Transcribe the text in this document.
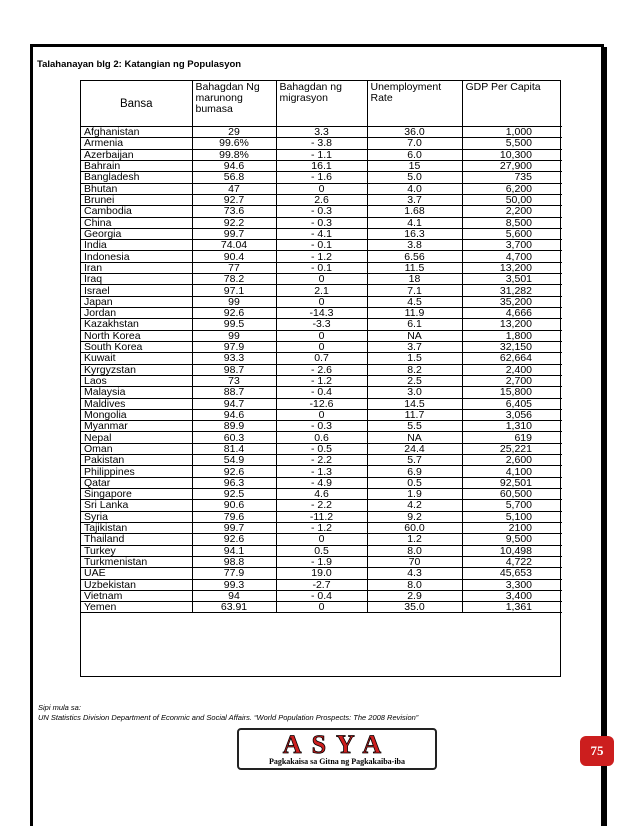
Talahanayan blg 2: Katangian ng Populasyon
Bansa	Bahagdan Ng marunong bumasa	Bahagdan ng migrasyon	Unemployment Rate	GDP Per Capita
Afghanistan	29	3.3	36.0	1,000
Armenia	99.6%	- 3.8	7.0	5,500
Azerbaijan	99.8%	- 1.1	6.0	10,300
Bahrain	94.6	16.1	15	27,900
Bangladesh	56.8	- 1.6	5.0	735
Bhutan	47	0	4.0	6,200
Brunei	92.7	2.6	3.7	50,00
Cambodia	73.6	- 0.3	1.68	2,200
China	92.2	- 0.3	4.1	8,500
Georgia	99.7	- 4.1	16.3	5,600
India	74.04	- 0.1	3.8	3,700
Indonesia	90.4	- 1.2	6.56	4,700
Iran	77	- 0.1	11.5	13,200
Iraq	78.2	0	18	3,501
Israel	97.1	2.1	7.1	31,282
Japan	99	0	4.5	35,200
Jordan	92.6	-14.3	11.9	4,666
Kazakhstan	99.5	-3.3	6.1	13,200
North Korea	99	0	NA	1,800
South Korea	97.9	0	3.7	32,150
Kuwait	93.3	0.7	1.5	62,664
Kyrgyzstan	98.7	- 2.6	8.2	2,400
Laos	73	- 1.2	2.5	2,700
Malaysia	88.7	- 0.4	3.0	15,800
Maldives	94.7	-12.6	14.5	6,405
Mongolia	94.6	0	11.7	3,056
Myanmar	89.9	- 0.3	5.5	1,310
Nepal	60.3	0.6	NA	619
Oman	81.4	- 0.5	24.4	25,221
Pakistan	54.9	- 2.2	5.7	2,600
Philippines	92.6	- 1.3	6.9	4,100
Qatar	96.3	- 4.9	0.5	92,501
Singapore	92.5	4.6	1.9	60,500
Sri Lanka	90.6	- 2.2	4.2	5,700
Syria	79.6	-11.2	9.2	5,100
Tajikistan	99.7	- 1.2	60.0	2100
Thailand	92.6	0	1.2	9,500
Turkey	94.1	0.5	8.0	10,498
Turkmenistan	98.8	- 1.9	70	4,722
UAE	77.9	19.0	4.3	45,653
Uzbekistan	99.3	-2.7	8.0	3,300
Vietnam	94	- 0.4	2.9	3,400
Yemen	63.91	0	35.0	1,361
Sipi mula sa:
UN Statistics Division Department of Econmic and Social Affairs. “World Population Prospects: The 2008 Revision”
ASYA
Pagkakaisa sa Gitna ng Pagkakaiba-iba
75
